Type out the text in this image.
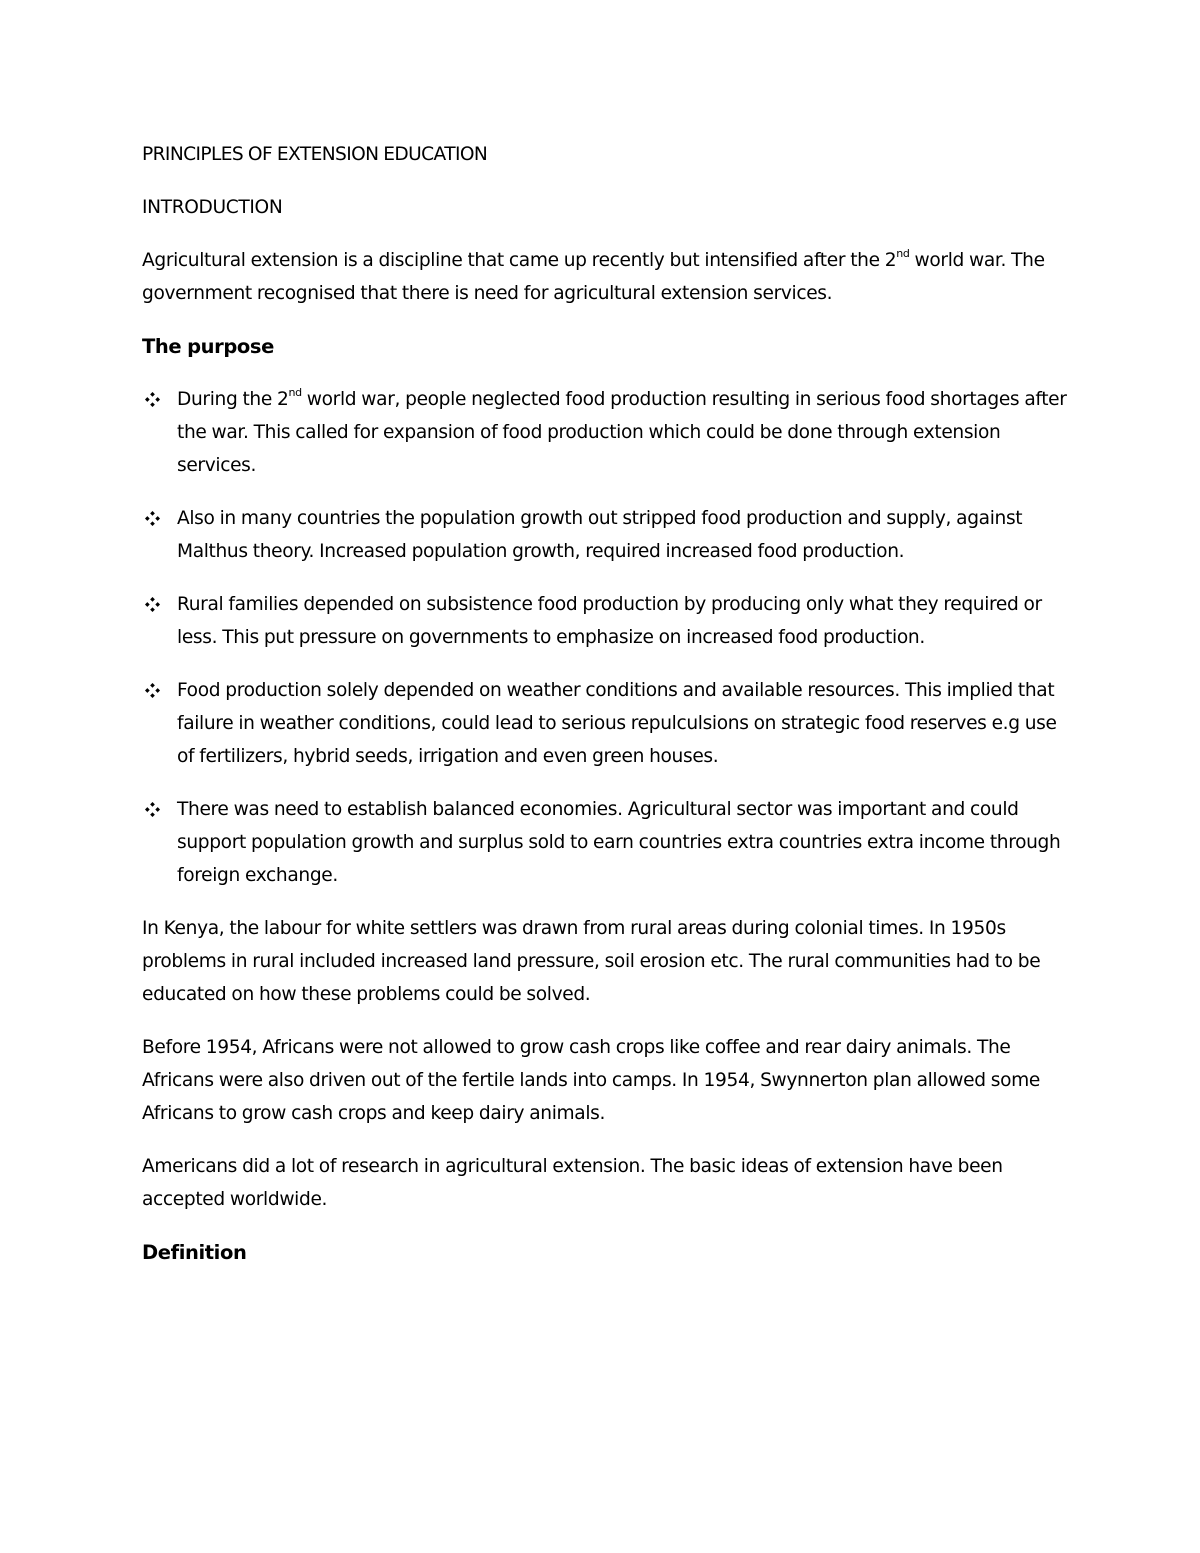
PRINCIPLES OF EXTENSION EDUCATION

INTRODUCTION

Agricultural extension is a discipline that came up recently but intensified after the 2nd world war. The government recognised that there is need for agricultural extension services.

The purpose

During the 2nd world war, people neglected food production resulting in serious food shortages after the war. This called for expansion of food production which could be done through extension services.
Also in many countries the population growth out stripped food production and supply, against Malthus theory. Increased population growth, required increased food production.
Rural families depended on subsistence food production by producing only what they required or less. This put pressure on governments to emphasize on increased food production.
Food production solely depended on weather conditions and available resources. This implied that failure in weather conditions, could lead to serious repulculsions on strategic food reserves e.g use of fertilizers, hybrid seeds, irrigation and even green houses.
There was need to establish balanced economies. Agricultural sector was important and could support population growth and surplus sold to earn countries extra countries extra income through foreign exchange.

In Kenya, the labour for white settlers was drawn from rural areas during colonial times. In 1950s problems in rural included increased land pressure, soil erosion etc. The rural communities had to be educated on how these problems could be solved.

Before 1954, Africans were not allowed to grow cash crops like coffee and rear dairy animals. The Africans were also driven out of the fertile lands into camps. In 1954, Swynnerton plan allowed some Africans to grow cash crops and keep dairy animals.

Americans did a lot of research in agricultural extension. The basic ideas of extension have been accepted worldwide.

Definition
